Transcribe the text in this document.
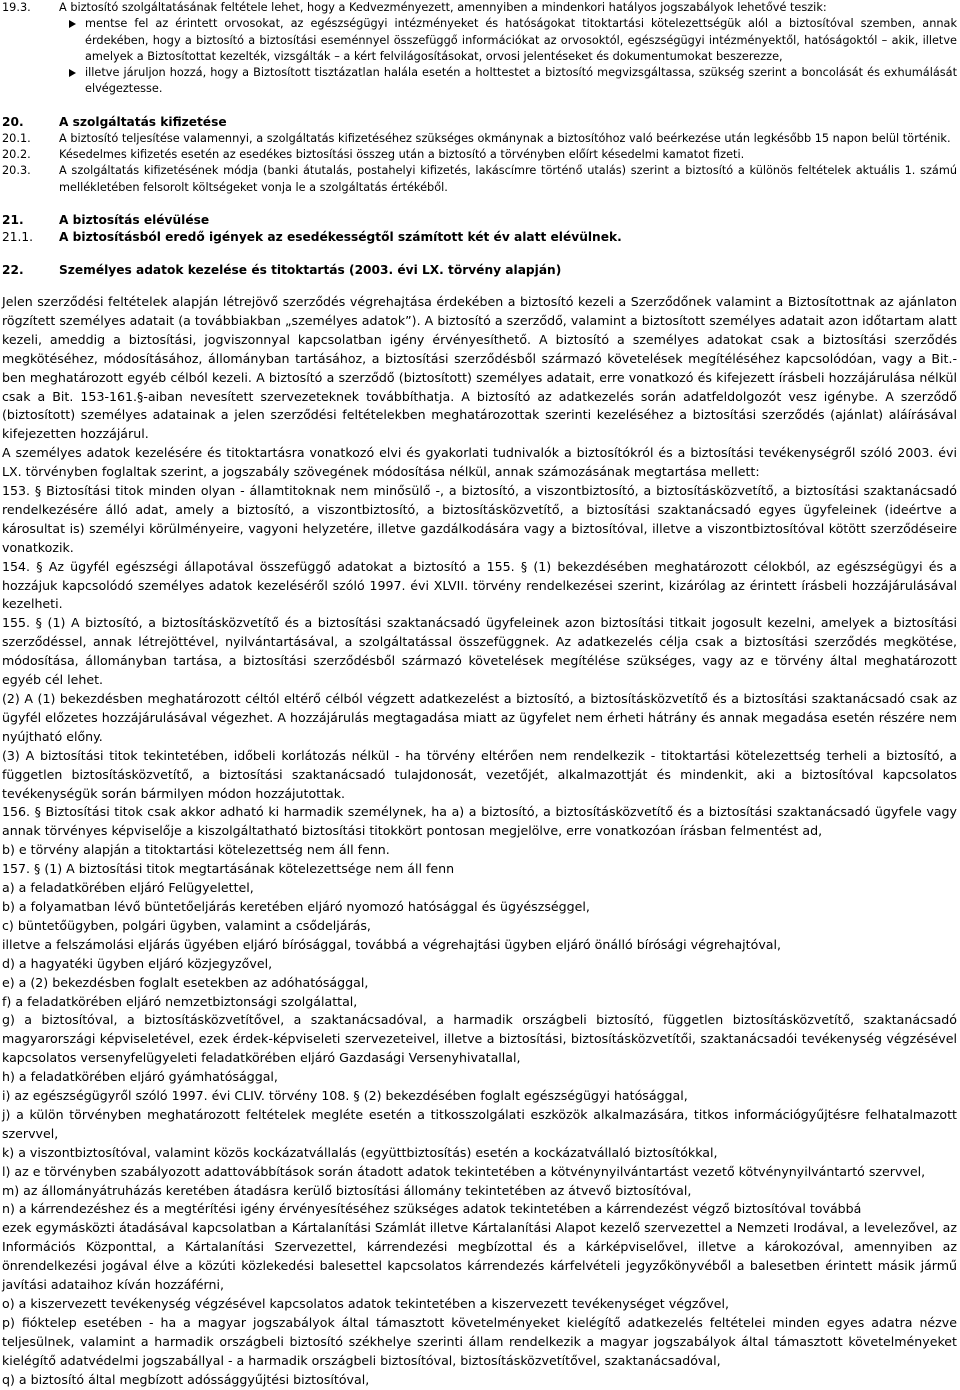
19.3.	A biztosító szolgáltatásának feltétele lehet, hogy a Kedvezményezett, amennyiben a mindenkori hatályos jogszabályok lehetővé teszik:
mentse fel az érintett orvosokat, az egészségügyi intézményeket és hatóságokat titoktartási kötelezettségük alól a biztosítóval szemben, annak érdekében, hogy a biztosító a biztosítási eseménnyel összefüggő információkat az orvosoktól, egészségügyi intézményektől, hatóságoktól – akik, illetve amelyek a Biztosítottat kezelték, vizsgálták – a kért felvilágosításokat, orvosi jelentéseket és dokumentumokat beszerezze,
illetve járuljon hozzá, hogy a Biztosított tisztázatlan halála esetén a holttestet a biztosító megvizsgáltassa, szükség szerint a boncolását és exhumálását elvégeztesse.
20.	A szolgáltatás kifizetése
20.1.	A biztosító teljesítése valamennyi, a szolgáltatás kifizetéséhez szükséges okmánynak a biztosítóhoz való beérkezése után legkésőbb 15 napon belül történik.
20.2.	Késedelmes kifizetés esetén az esedékes biztosítási összeg után a biztosító a törvényben előírt késedelmi kamatot fizeti.
20.3.	A szolgáltatás kifizetésének módja (banki átutalás, postahelyi kifizetés, lakáscímre történő utalás) szerint a biztosító a különös feltételek aktuális 1. számú mellékletében felsorolt költségeket vonja le a szolgáltatás értékéből.
21.	A biztosítás elévülése
21.1. A biztosításból eredő igények az esedékességtől számított két év alatt elévülnek.
22.	Személyes adatok kezelése és titoktartás (2003. évi LX. törvény alapján)

Jelen szerződési feltételek alapján létrejövő szerződés végrehajtása érdekében a biztosító kezeli a Szerződőnek valamint a Biztosítottnak az ajánlaton rögzített személyes adatait (a továbbiakban „személyes adatok”). A biztosító a szerződő, valamint a biztosított személyes adatait azon időtartam alatt kezeli, ameddig a biztosítási, jogviszonnyal kapcsolatban igény érvényesíthető. A biztosító a személyes adatokat csak a biztosítási szerződés megkötéséhez, módosításához, állományban tartásához, a biztosítási szerződésből származó követelések megítéléséhez kapcsolódóan, vagy a Bit.-ben meghatározott egyéb célból kezeli. A biztosító a szerződő (biztosított) személyes adatait, erre vonatkozó és kifejezett írásbeli hozzájárulása nélkül csak a Bit. 153-161.§-aiban nevesített szervezeteknek továbbíthatja. A biztosító az adatkezelés során adatfeldolgozót vesz igénybe. A szerződő (biztosított) személyes adatainak a jelen szerződési feltételekben meghatározottak szerinti kezeléséhez a biztosítási szerződés (ajánlat) aláírásával kifejezetten hozzájárul.

A személyes adatok kezelésére és titoktartásra vonatkozó elvi és gyakorlati tudnivalók a biztosítókról és a biztosítási tevékenységről szóló 2003. évi LX. törvényben foglaltak szerint, a jogszabály szövegének módosítása nélkül, annak számozásának megtartása mellett:

153. § Biztosítási titok minden olyan - államtitoknak nem minősülő -, a biztosító, a viszontbiztosító, a biztosításközvetítő, a biztosítási szaktanácsadó rendelkezésére álló adat, amely a biztosító, a viszontbiztosító, a biztosításközvetítő, a biztosítási szaktanácsadó egyes ügyfeleinek (ideértve a károsultat is) személyi körülményeire, vagyoni helyzetére, illetve gazdálkodására vagy a biztosítóval, illetve a viszontbiztosítóval kötött szerződéseire vonatkozik.

154. § Az ügyfél egészségi állapotával összefüggő adatokat a biztosító a 155. § (1) bekezdésében meghatározott célokból, az egészségügyi és a hozzájuk kapcsolódó személyes adatok kezeléséről szóló 1997. évi XLVII. törvény rendelkezései szerint, kizárólag az érintett írásbeli hozzájárulásával kezelheti.

155. § (1) A biztosító, a biztosításközvetítő és a biztosítási szaktanácsadó ügyfeleinek azon biztosítási titkait jogosult kezelni, amelyek a biztosítási szerződéssel, annak létrejöttével, nyilvántartásával, a szolgáltatással összefüggnek. Az adatkezelés célja csak a biztosítási szerződés megkötése, módosítása, állományban tartása, a biztosítási szerződésből származó követelések megítélése szükséges, vagy az e törvény által meghatározott egyéb cél lehet.

(2) A (1) bekezdésben meghatározott céltól eltérő célból végzett adatkezelést a biztosító, a biztosításközvetítő és a biztosítási szaktanácsadó csak az ügyfél előzetes hozzájárulásával végezhet. A hozzájárulás megtagadása miatt az ügyfelet nem érheti hátrány és annak megadása esetén részére nem nyújtható előny.

(3) A biztosítási titok tekintetében, időbeli korlátozás nélkül - ha törvény eltérően nem rendelkezik - titoktartási kötelezettség terheli a biztosító, a független biztosításközvetítő, a biztosítási szaktanácsadó tulajdonosát, vezetőjét, alkalmazottját és mindenkit, aki a biztosítóval kapcsolatos tevékenységük során bármilyen módon hozzájutottak.

156. § Biztosítási titok csak akkor adható ki harmadik személynek, ha a) a biztosító, a biztosításközvetítő és a biztosítási szaktanácsadó ügyfele vagy annak törvényes képviselője a kiszolgáltatható biztosítási titokkört pontosan megjelölve, erre vonatkozóan írásban felmentést ad,

b) e törvény alapján a titoktartási kötelezettség nem áll fenn.

157. § (1) A biztosítási titok megtartásának kötelezettsége nem áll fenn

a) a feladatkörében eljáró Felügyelettel,

b) a folyamatban lévő büntetőeljárás keretében eljáró nyomozó hatósággal és ügyészséggel,

c) büntetőügyben, polgári ügyben, valamint a csődeljárás,

illetve a felszámolási eljárás ügyében eljáró bírósággal, továbbá a végrehajtási ügyben eljáró önálló bírósági végrehajtóval,

d) a hagyatéki ügyben eljáró közjegyzővel,

e) a (2) bekezdésben foglalt esetekben az adóhatósággal,

f) a feladatkörében eljáró nemzetbiztonsági szolgálattal,

g) a biztosítóval, a biztosításközvetítővel, a szaktanácsadóval, a harmadik országbeli biztosító, független biztosításközvetítő, szaktanácsadó magyarországi képviseletével, ezek érdek-képviseleti szervezeteivel, illetve a biztosítási, biztosításközvetítői, szaktanácsadói tevékenység végzésével kapcsolatos versenyfelügyeleti feladatkörében eljáró Gazdasági Versenyhivatallal,

h) a feladatkörében eljáró gyámhatósággal,

i) az egészségügyről szóló 1997. évi CLIV. törvény 108. § (2) bekezdésében foglalt egészségügyi hatósággal,

j) a külön törvényben meghatározott feltételek megléte esetén a titkosszolgálati eszközök alkalmazására, titkos információgyűjtésre felhatalmazott szervvel,

k) a viszontbiztosítóval, valamint közös kockázatvállalás (együttbiztosítás) esetén a kockázatvállaló biztosítókkal,

l) az e törvényben szabályozott adattovábbítások során átadott adatok tekintetében a kötvénynyilvántartást vezető kötvénynyilvántartó szervvel,

m) az állományátruházás keretében átadásra kerülő biztosítási állomány tekintetében az átvevő biztosítóval,

n) a kárrendezéshez és a megtérítési igény érvényesítéséhez szükséges adatok tekintetében a kárrendezést végző biztosítóval továbbá

ezek egymásközti átadásával kapcsolatban a Kártalanítási Számlát illetve Kártalanítási Alapot kezelő szervezettel a Nemzeti Irodával, a levelezővel, az Információs Központtal, a Kártalanítási Szervezettel, kárrendezési megbízottal és a kárképviselővel, illetve a károkozóval, amennyiben az önrendelkezési jogával élve a közúti közlekedési balesettel kapcsolatos kárrendezés kárfelvételi jegyzőkönyvéből a balesetben érintett másik jármű javítási adataihoz kíván hozzáférni,

o) a kiszervezett tevékenység végzésével kapcsolatos adatok tekintetében a kiszervezett tevékenységet végzővel,

p) fióktelep esetében - ha a magyar jogszabályok által támasztott követelményeket kielégítő adatkezelés feltételei minden egyes adatra nézve teljesülnek, valamint a harmadik országbeli biztosító székhelye szerinti állam rendelkezik a magyar jogszabályok által támasztott követelményeket kielégítő adatvédelmi jogszabállyal - a harmadik országbeli biztosítóval, biztosításközvetítővel, szaktanácsadóval,

q) a biztosító által megbízott adóssággyűjtési biztosítóval,
